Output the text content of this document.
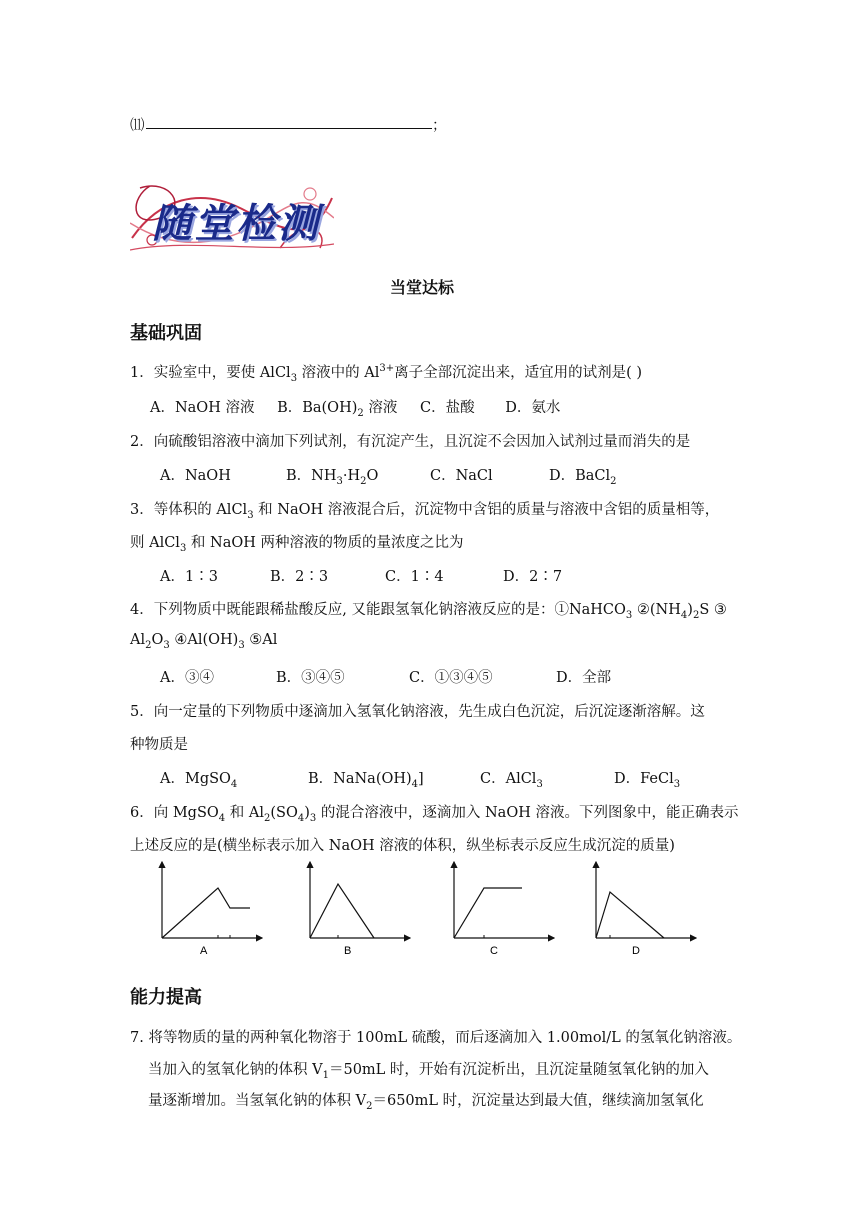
⑾	；
随堂检测
当堂达标
基础巩固
1．实验室中，要使 AlCl$_3$ 溶液中的 $Al^{3+}$离子全部沉淀出来，适宜用的试剂是( )
A．NaOH 溶液 B．$Ba(OH)_2$ 溶液 C．盐酸 D．氨水
2．向硫酸铝溶液中滴加下列试剂，有沉淀产生，且沉淀不会因加入试剂过量而消失的是
A．NaOH	B．$NH_3\cdot H_2O$	C．NaCl	D．BaCl$_2$
3．等体积的 AlCl$_3$ 和 NaOH 溶液混合后，沉淀物中含铝的质量与溶液中含铝的质量相等，
则 AlCl$_3$ 和 NaOH 两种溶液的物质的量浓度之比为
A．1∶3	B．2∶3	C．1∶4	D．2∶7
4．下列物质中既能跟稀盐酸反应, 又能跟氢氧化钠溶液反应的是：①NaHCO$_3$ $②(NH_4)_2S$ ③
$Al_2O_3$ $④Al(OH)_3$ ⑤Al
A．③④	B．③④⑤	C．①③④⑤	D．全部
5．向一定量的下列物质中逐滴加入氢氧化钠溶液，先生成白色沉淀，后沉淀逐渐溶解。这
种物质是
A．MgSO$_4$	B．$NaNa(OH)_4$]	C．AlCl$_3$	D．FeCl$_3$
6．向 MgSO$_4$ 和 $Al_2(SO_4)_3$ 的混合溶液中，逐滴加入 NaOH 溶液。下列图象中，能正确表示
上述反应的是(横坐标表示加入 NaOH 溶液的体积，纵坐标表示反应生成沉淀的质量)
A	B	C	D
能力提高
7. 将等物质的量的两种氧化物溶于 100mL 硫酸，而后逐滴加入 1.00mol/L 的氢氧化钠溶液。
当加入的氢氧化钠的体积 $V_1=50mL$ 时，开始有沉淀析出，且沉淀量随氢氧化钠的加入
量逐渐增加。当氢氧化钠的体积 $V_2=650mL$ 时，沉淀量达到最大值，继续滴加氢氧化
